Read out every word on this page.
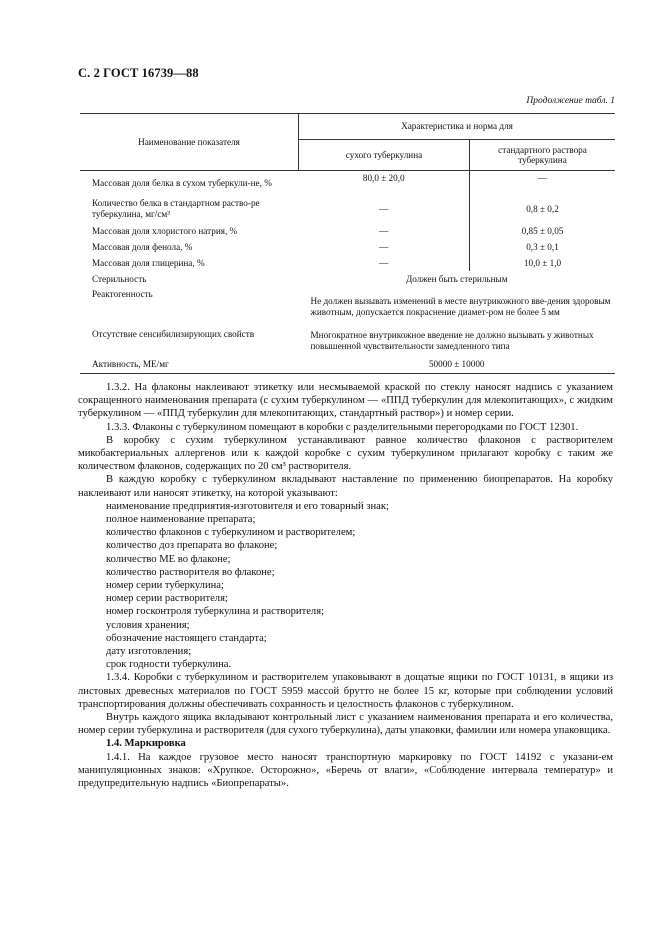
С. 2 ГОСТ 16739—88
Продолжение табл. 1
Наименование показателя	Характеристика и норма для	
	сухого туберкулина	стандартного раствора туберкулина
Массовая доля белка в сухом туберкули-не, %	80,0 ± 20,0	—
Количество белка в стандартном раство-ре туберкулина, мг/см³	—	0,8 ± 0,2
Массовая доля хлористого натрия, %	—	0,85 ± 0,05
Массовая доля фенола, %	—	0,3 ± 0,1
Массовая доля глицерина, %	—	10,0 ± 1,0
Стерильность	Должен быть стерильным	
Реактогенность	Не должен вызывать изменений в месте внутрикожного вве-дения здоровым животным, допускается покраснение диамет-ром не более 5 мм	
Отсутствие сенсибилизирующих свойств	Многократное внутрикожное введение не должно вызывать у животных повышенной чувствительности замедленного типа	
Активность, МЕ/мг	50000 ± 10000	

1.3.2. На флаконы наклеивают этикетку или несмываемой краской по стеклу наносят надпись с указанием сокращенного наименования препарата (с сухим туберкулином — «ППД туберкулин для млекопитающих», с жидким туберкулином — «ППД туберкулин для млекопитающих, стандартный раствор») и номер серии.

1.3.3. Флаконы с туберкулином помещают в коробки с разделительными перегородками по ГОСТ 12301.

В коробку с сухим туберкулином устанавливают равное количество флаконов с растворителем микобактериальных аллергенов или к каждой коробке с сухим туберкулином прилагают коробку с таким же количеством флаконов, содержащих по 20 см³ растворителя.

В каждую коробку с туберкулином вкладывают наставление по применению биопрепаратов. На коробку наклеивают или наносят этикетку, на которой указывают:

наименование предприятия-изготовителя и его товарный знак;

полное наименование препарата;

количество флаконов с туберкулином и растворителем;

количество доз препарата во флаконе;

количество МЕ во флаконе;

количество растворителя во флаконе;

номер серии туберкулина;

номер серии растворителя;

номер госконтроля туберкулина и растворителя;

условия хранения;

обозначение настоящего стандарта;

дату изготовления;

срок годности туберкулина.

1.3.4. Коробки с туберкулином и растворителем упаковывают в дощатые ящики по ГОСТ 10131, в ящики из листовых древесных материалов по ГОСТ 5959 массой брутто не более 15 кг, которые при соблюдении условий транспортирования должны обеспечивать сохранность и целостность флаконов с туберкулином.

Внутрь каждого ящика вкладывают контрольный лист с указанием наименования препарата и его количества, номер серии туберкулина и растворителя (для сухого туберкулина), даты упаковки, фамилии или номера упаковщика.

1.4. Маркировка

1.4.1. На каждое грузовое место наносят транспортную маркировку по ГОСТ 14192 с указани-ем манипуляционных знаков: «Хрупкое. Осторожно», «Беречь от влаги», «Соблюдение интервала температур» и предупредительную надпись «Биопрепараты».
